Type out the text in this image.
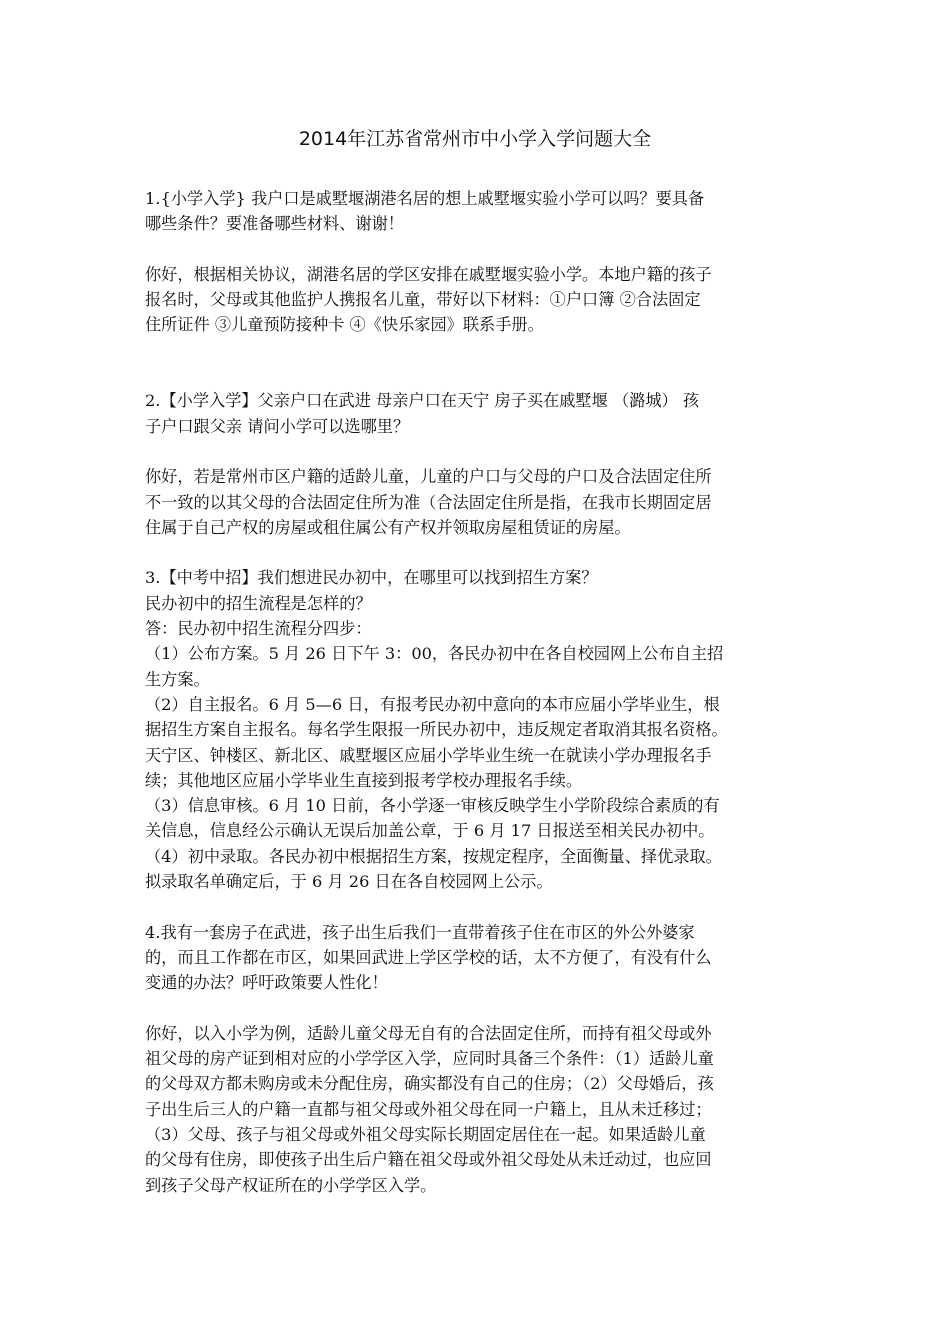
2014年江苏省常州市中小学入学问题大全
1.{小学入学} 我户口是戚墅堰湖港名居的想上戚墅堰实验小学可以吗？要具备
哪些条件？要准备哪些材料、谢谢！
你好，根据相关协议，湖港名居的学区安排在戚墅堰实验小学。本地户籍的孩子
报名时，父母或其他监护人携报名儿童，带好以下材料：①户口簿 ②合法固定
住所证件 ③儿童预防接种卡 ④《快乐家园》联系手册。
2.【小学入学】父亲户口在武进 母亲户口在天宁 房子买在戚墅堰 （潞城） 孩
子户口跟父亲 请问小学可以选哪里？
你好，若是常州市区户籍的适龄儿童，儿童的户口与父母的户口及合法固定住所
不一致的以其父母的合法固定住所为准（合法固定住所是指，在我市长期固定居
住属于自己产权的房屋或租住属公有产权并领取房屋租赁证的房屋。
3.【中考中招】我们想进民办初中，在哪里可以找到招生方案？
民办初中的招生流程是怎样的？
答：民办初中招生流程分四步：
（1）公布方案。5 月 26 日下午 3：00，各民办初中在各自校园网上公布自主招
生方案。
（2）自主报名。6 月 5—6 日，有报考民办初中意向的本市应届小学毕业生，根
据招生方案自主报名。每名学生限报一所民办初中，违反规定者取消其报名资格。
天宁区、钟楼区、新北区、戚墅堰区应届小学毕业生统一在就读小学办理报名手
续；其他地区应届小学毕业生直接到报考学校办理报名手续。
（3）信息审核。6 月 10 日前，各小学逐一审核反映学生小学阶段综合素质的有
关信息，信息经公示确认无误后加盖公章，于 6 月 17 日报送至相关民办初中。
（4）初中录取。各民办初中根据招生方案，按规定程序，全面衡量、择优录取。
拟录取名单确定后，于 6 月 26 日在各自校园网上公示。
4.我有一套房子在武进，孩子出生后我们一直带着孩子住在市区的外公外婆家
的，而且工作都在市区，如果回武进上学区学校的话，太不方便了，有没有什么
变通的办法？呼吁政策要人性化！
你好，以入小学为例，适龄儿童父母无自有的合法固定住所，而持有祖父母或外
祖父母的房产证到相对应的小学学区入学，应同时具备三个条件：（1）适龄儿童
的父母双方都未购房或未分配住房，确实都没有自己的住房；（2）父母婚后，孩
子出生后三人的户籍一直都与祖父母或外祖父母在同一户籍上，且从未迁移过；
（3）父母、孩子与祖父母或外祖父母实际长期固定居住在一起。如果适龄儿童
的父母有住房，即使孩子出生后户籍在祖父母或外祖父母处从未迁动过，也应回
到孩子父母产权证所在的小学学区入学。
